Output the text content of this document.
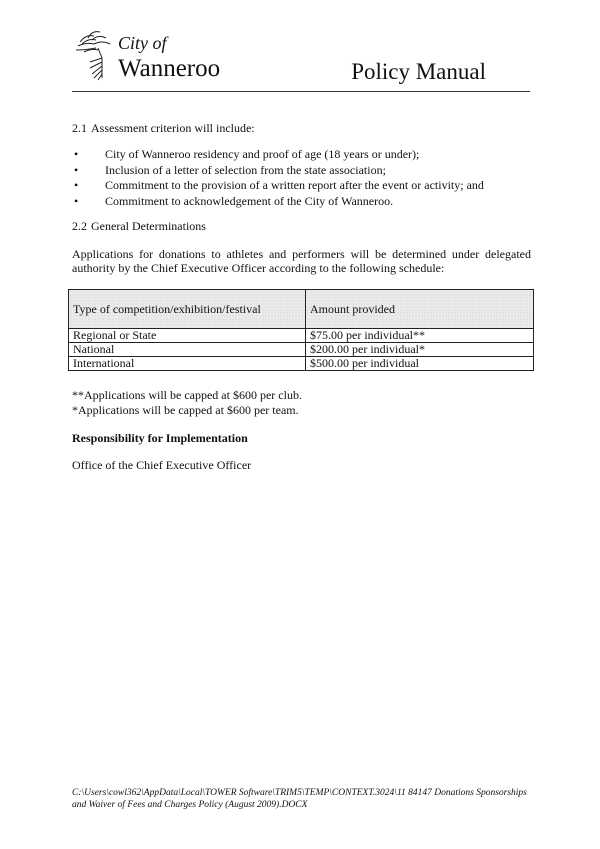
City of
Wanneroo	Policy Manual
2.1 Assessment criterion will include:
• City of Wanneroo residency and proof of age (18 years or under);
• Inclusion of a letter of selection from the state association;
• Commitment to the provision of a written report after the event or activity; and
• Commitment to acknowledgement of the City of Wanneroo.
2.2 General Determinations
Applications for donations to athletes and performers will be determined under delegated authority by the Chief Executive Officer according to the following schedule:
Type of competition/exhibition/festival	Amount provided
Regional or State	$75.00 per individual**
National	$200.00 per individual*
International	$500.00 per individual
**Applications will be capped at $600 per club.
*Applications will be capped at $600 per team.
Responsibility for Implementation
Office of the Chief Executive Officer
C:\Users\cowl362\AppData\Local\TOWER Software\TRIM5\TEMP\CONTEXT.3024\11 84147 Donations Sponsorships and Waiver of Fees and Charges Policy (August 2009).DOCX
